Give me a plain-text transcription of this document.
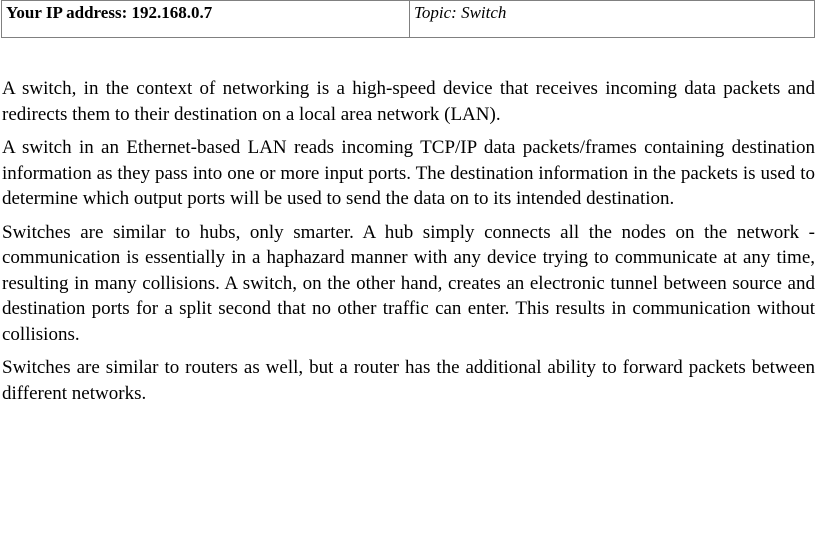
Your IP address: 192.168.0.7	Topic: Switch

A switch, in the context of networking is a high-speed device that receives incoming data packets and redirects them to their destination on a local area network (LAN).

A switch in an Ethernet-based LAN reads incoming TCP/IP data packets/frames containing destination information as they pass into one or more input ports. The destination information in the packets is used to determine which output ports will be used to send the data on to its intended destination.

Switches are similar to hubs, only smarter. A hub simply connects all the nodes on the network - communication is essentially in a haphazard manner with any device trying to communicate at any time, resulting in many collisions. A switch, on the other hand, creates an electronic tunnel between source and destination ports for a split second that no other traffic can enter. This results in communication without collisions.

Switches are similar to routers as well, but a router has the additional ability to forward packets between different networks.
